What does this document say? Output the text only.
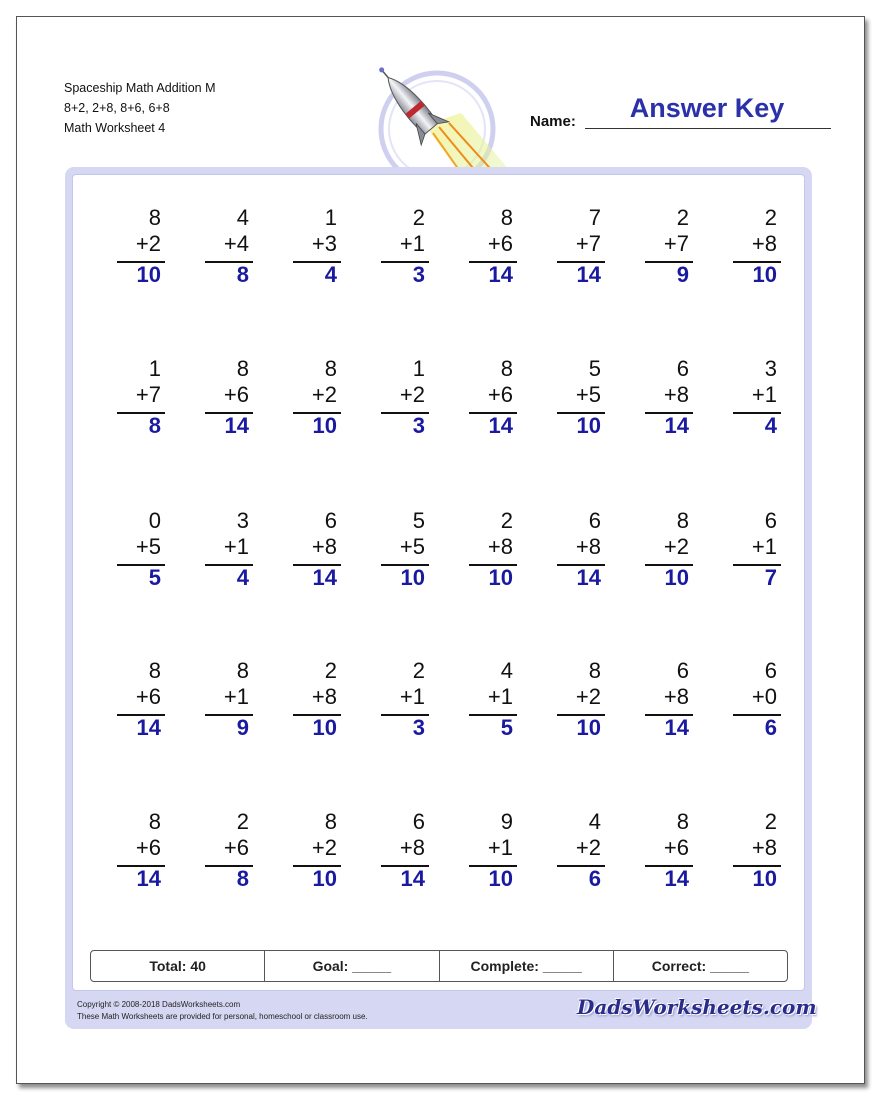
Spaceship Math Addition M
8+2, 2+8, 8+6, 6+8
Math Worksheet 4
Answer Key
Name:
8
+2
10
4
+4
8
1
+3
4
2
+1
3
8
+6
14
7
+7
14
2
+7
9
2
+8
10
1
+7
8
8
+6
14
8
+2
10
1
+2
3
8
+6
14
5
+5
10
6
+8
14
3
+1
4
0
+5
5
3
+1
4
6
+8
14
5
+5
10
2
+8
10
6
+8
14
8
+2
10
6
+1
7
8
+6
14
8
+1
9
2
+8
10
2
+1
3
4
+1
5
8
+2
10
6
+8
14
6
+0
6
8
+6
14
2
+6
8
8
+2
10
6
+8
14
9
+1
10
4
+2
6
8
+6
14
2
+8
10
Total: 40	Goal: _____	Complete: _____	Correct: _____
Copyright © 2008-2018 DadsWorksheets.com
These Math Worksheets are provided for personal, homeschool or classroom use.	DadsWorksheets.com
